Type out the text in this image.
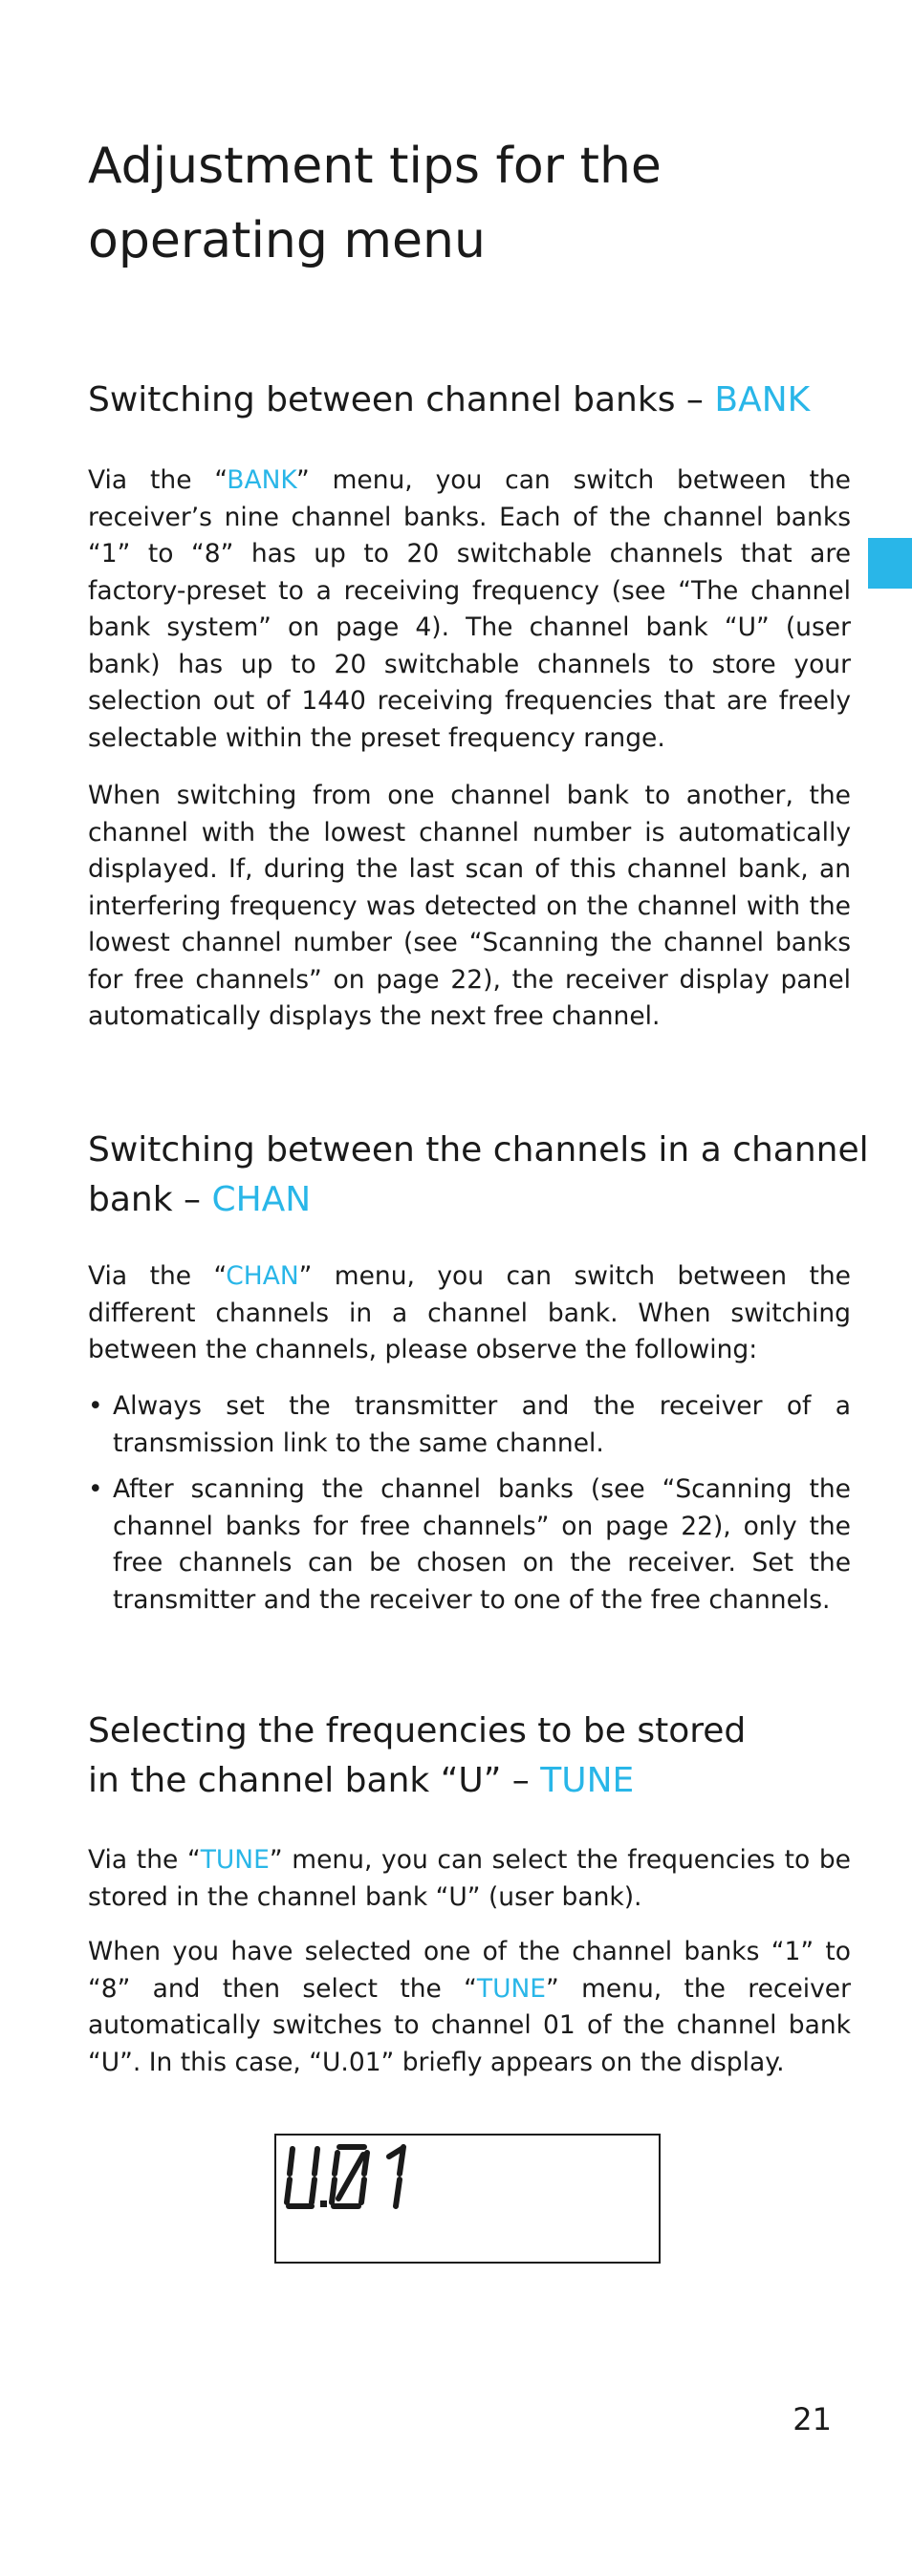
Adjustment tips for the operating menu
Switching between channel banks – BANK

Via the “BANK” menu, you can switch between the receiver’s nine channel banks. Each of the channel banks “1” to “8” has up to 20 switchable channels that are factory-preset to a receiving frequency (see “The channel bank system” on page 4). The channel bank “U” (user bank) has up to 20 switchable channels to store your selection out of 1440 receiving frequencies that are freely selectable within the preset frequency range.

When switching from one channel bank to another, the channel with the lowest channel number is automatically displayed. If, during the last scan of this channel bank, an interfering frequency was detected on the channel with the lowest channel number (see “Scanning the channel banks for free channels” on page 22), the receiver display panel automatically displays the next free channel.

Switching between the channels in a channel bank – CHAN

Via the “CHAN” menu, you can switch between the different channels in a channel bank. When switching between the channels, please observe the following:

• Always set the transmitter and the receiver of a transmission link to the same channel.
• After scanning the channel banks (see “Scanning the channel banks for free channels” on page 22), only the free channels can be chosen on the receiver. Set the transmitter and the receiver to one of the free channels.
Selecting the frequencies to be stored
in the channel bank “U” – TUNE

Via the “TUNE” menu, you can select the frequencies to be stored in the channel bank “U” (user bank).

When you have selected one of the channel banks “1” to “8” and then select the “TUNE” menu, the receiver automatically switches to channel 01 of the channel bank “U”. In this case, “U.01” briefly appears on the display.

21
